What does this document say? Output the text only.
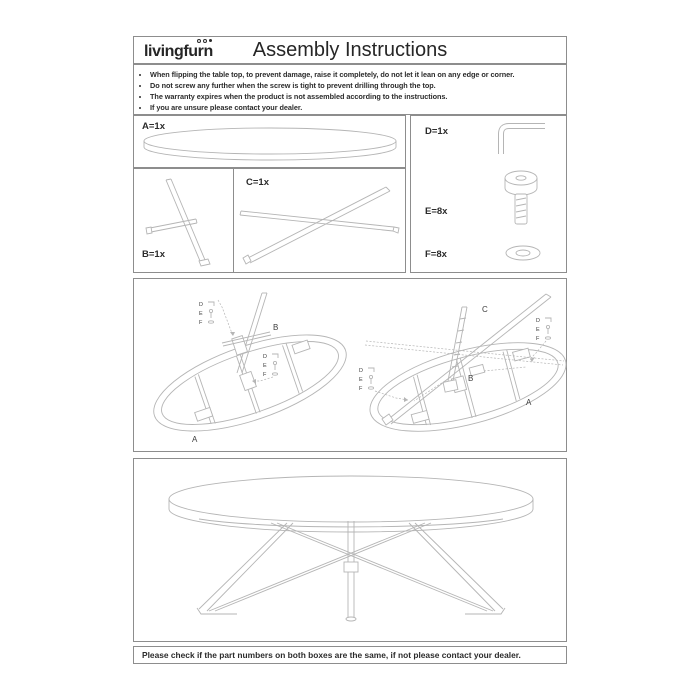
livingfurn	Assembly Instructions
• When flipping the table top, to prevent damage, raise it completely, do not let it lean on any edge or corner.
• Do not screw any further when the screw is tight to prevent drilling through the top.
• The warranty expires when the product is not assembled according to the instructions.
• If you are unsure please contact your dealer.
A=1x
B=1x
C=1x
D=1x
E=8x
F=8x
D
E
F
D
E
F
B
A
D
E
F
D
E
F
C
B
A
Please check if the part numbers on both boxes are the same, if not please contact your dealer.
